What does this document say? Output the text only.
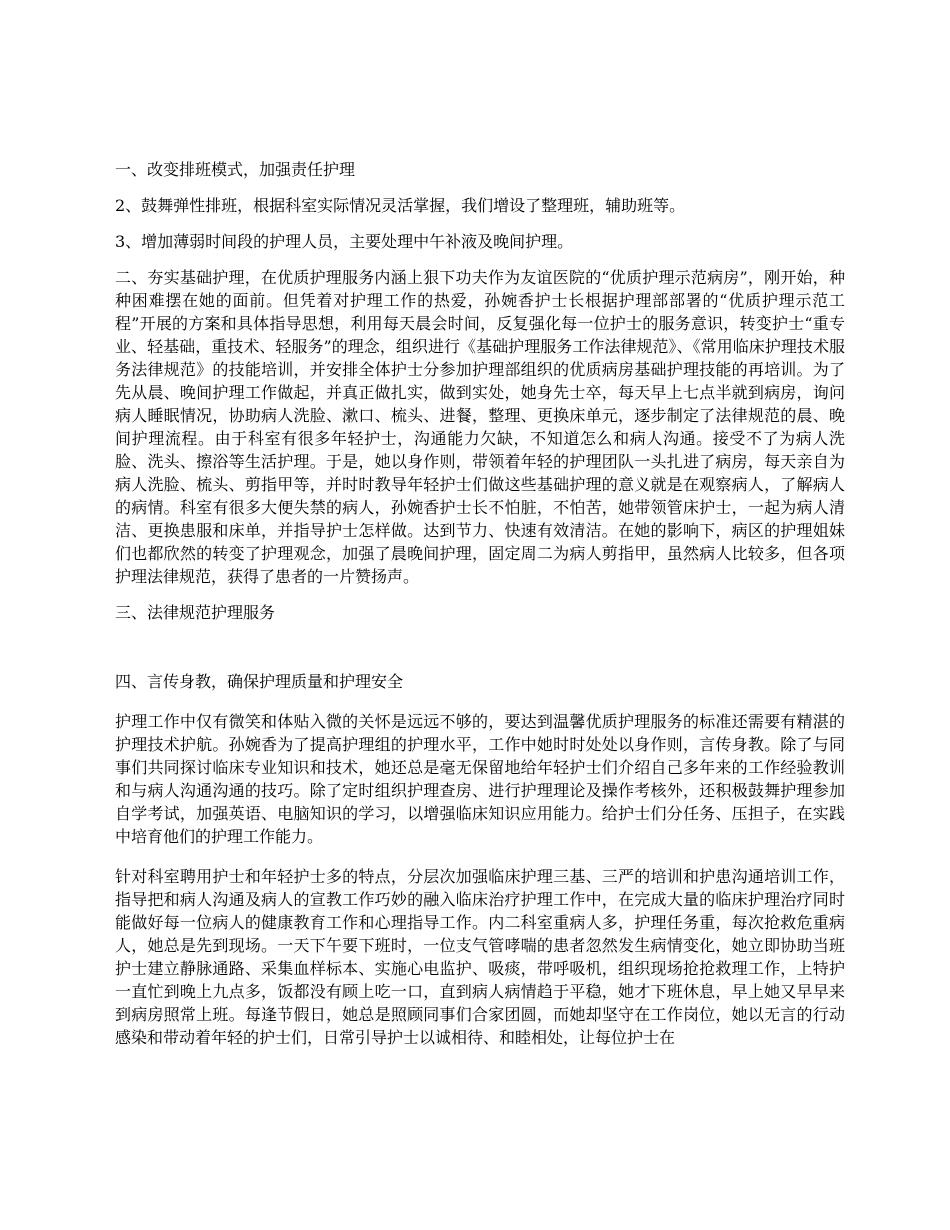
一、改变排班模式，加强责任护理

2、鼓舞弹性排班，根据科室实际情况灵活掌握，我们增设了整理班，辅助班等。

3、增加薄弱时间段的护理人员，主要处理中午补液及晚间护理。

二、夯实基础护理，在优质护理服务内涵上狠下功夫作为友谊医院的“优质护理示范病房”，刚开始，种种困难摆在她的面前。但凭着对护理工作的热爱，孙婉香护士长根据护理部部署的“优质护理示范工程”开展的方案和具体指导思想，利用每天晨会时间，反复强化每一位护士的服务意识，转变护士“重专业、轻基础，重技术、轻服务”的理念，组织进行《基础护理服务工作法律规范》、《常用临床护理技术服务法律规范》的技能培训，并安排全体护士分参加护理部组织的优质病房基础护理技能的再培训。为了先从晨、晚间护理工作做起，并真正做扎实，做到实处，她身先士卒，每天早上七点半就到病房，询问病人睡眠情况，协助病人洗脸、漱口、梳头、进餐，整理、更换床单元，逐步制定了法律规范的晨、晚间护理流程。由于科室有很多年轻护士，沟通能力欠缺，不知道怎么和病人沟通。接受不了为病人洗脸、洗头、擦浴等生活护理。于是，她以身作则，带领着年轻的护理团队一头扎进了病房，每天亲自为病人洗脸、梳头、剪指甲等，并时时教导年轻护士们做这些基础护理的意义就是在观察病人，了解病人的病情。科室有很多大便失禁的病人，孙婉香护士长不怕脏，不怕苦，她带领管床护士，一起为病人清洁、更换患服和床单，并指导护士怎样做。达到节力、快速有效清洁。在她的影响下，病区的护理姐妹们也都欣然的转变了护理观念，加强了晨晚间护理，固定周二为病人剪指甲，虽然病人比较多，但各项护理法律规范，获得了患者的一片赞扬声。

三、法律规范护理服务

四、言传身教，确保护理质量和护理安全

护理工作中仅有微笑和体贴入微的关怀是远远不够的，要达到温馨优质护理服务的标准还需要有精湛的护理技术护航。孙婉香为了提高护理组的护理水平，工作中她时时处处以身作则，言传身教。除了与同事们共同探讨临床专业知识和技术，她还总是毫无保留地给年轻护士们介绍自己多年来的工作经验教训和与病人沟通沟通的技巧。除了定时组织护理查房、进行护理理论及操作考核外，还积极鼓舞护理参加自学考试，加强英语、电脑知识的学习，以增强临床知识应用能力。给护士们分任务、压担子，在实践中培育他们的护理工作能力。

针对科室聘用护士和年轻护士多的特点，分层次加强临床护理三基、三严的培训和护患沟通培训工作，指导把和病人沟通及病人的宣教工作巧妙的融入临床治疗护理工作中，在完成大量的临床护理治疗同时能做好每一位病人的健康教育工作和心理指导工作。内二科室重病人多，护理任务重，每次抢救危重病人，她总是先到现场。一天下午要下班时，一位支气管哮喘的患者忽然发生病情变化，她立即协助当班护士建立静脉通路、采集血样标本、实施心电监护、吸痰，带呼吸机，组织现场抢抢救理工作，上特护一直忙到晚上九点多，饭都没有顾上吃一口，直到病人病情趋于平稳，她才下班休息，早上她又早早来到病房照常上班。每逢节假日，她总是照顾同事们合家团圆，而她却坚守在工作岗位，她以无言的行动感染和带动着年轻的护士们，日常引导护士以诚相待、和睦相处，让每位护士在
